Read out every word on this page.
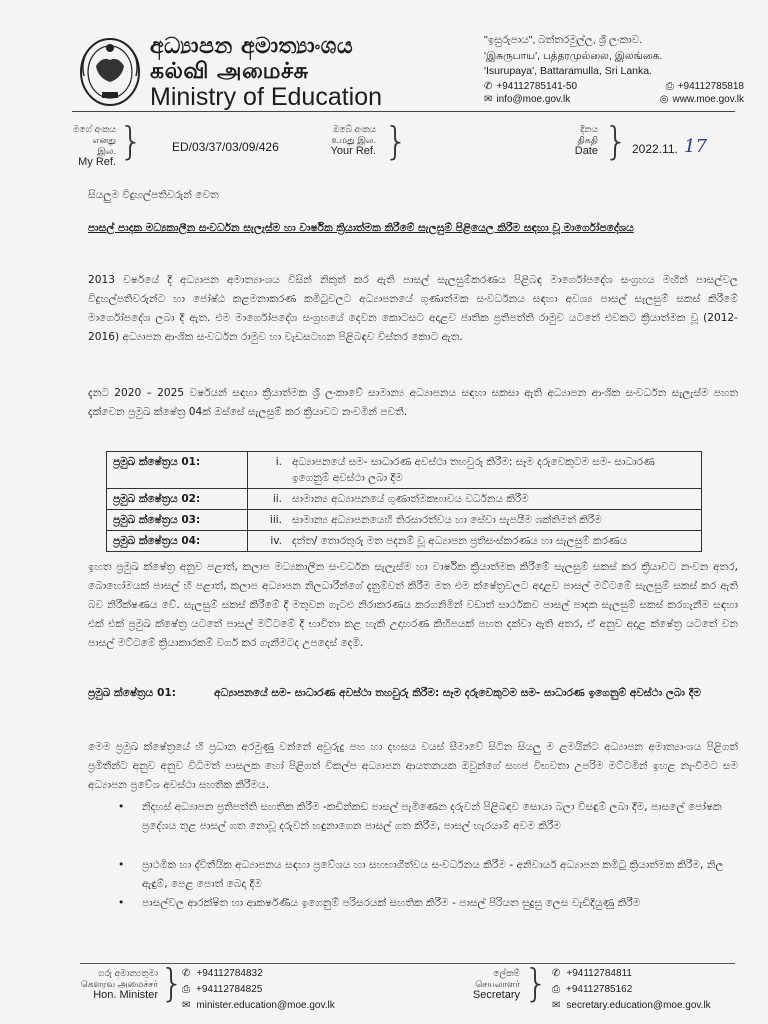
අධ්‍යාපන අමාත්‍යාංශය
கல்வி அமைச்சு
Ministry of Education
"ඉසුරුපාය", බත්තරමුල්ල, ශ්‍රී ලංකාව.
'இசுருபாய', பத்தரமுல்லை, இலங்கை.
'Isurupaya', Battaramulla, Sri Lanka.
✆ +94112785141-50	⎙ +94112785818
✉ info@moe.gov.lk	◎ www.moe.gov.lk
මගේ අංකය
எனது இல.
My Ref. } ED/03/37/03/09/426
ඔබේ අංකය
உமது இல.
Your Ref. }	දිනය
திகதி
Date } 2022.11. 17
සියලුම විදුහල්පතිවරුන් වෙත
පාසල් පාදක මධ්‍යකාලීන සංවර්ධන සැලැස්ම හා වාර්ෂික ක්‍රියාත්මක කිරීමේ සැලසුම් පිළියෙල කිරීම සඳහා වූ මාර්ගෝපදේශය
2013 වර්ෂයේ දී අධ්‍යාපන අමාත්‍යාංශය විසින් නිකුත් කර ඇති පාසල් සැලසුම්කරණය පිළිබඳ මාර්ගෝපදේශ සංග්‍රහය මඟින් පාසල්වල විදුහල්පතිවරුන්ට හා ජෝෂ්ඨ කළමනාකරණ කමිටුවලට අධ්‍යාපනයේ ගුණාත්මක සංවර්ධනය සඳහා අවශ්‍ය පාසල් සැලසුම් සකස් කිරීමේ මාර්ගෝපදේශ ලබා දී ඇත. එම මාර්ගෝපදේශ සංග්‍රහයේ දෙවන කොටසට අදාළව ජාතික ප්‍රතිපත්ති රාමුව යටතේ එවකට ක්‍රියාත්මක වූ (2012-2016) අධ්‍යාපන ආංශික සංවර්ධන රාමුව හා වැඩසටහන පිළිබඳව විස්තර කොට ඇත.
දැනට 2020 – 2025 වර්ෂයන් සඳහා ක්‍රියාත්මක ශ්‍රී ලංකාවේ සාමාන්‍ය අධ්‍යාපනය සඳහා සකසා ඇති අධ්‍යාපන ආංශික සංවර්ධන සැලැස්ම පහත දැක්වෙන ප්‍රමුඛ ක්ෂේත්‍ර 04ක් ඔස්සේ සැලසුම් කර ක්‍රියාවට නංවමින් පවතී.
ප්‍රමුඛ ක්ෂේත්‍රය 01:	i.	අධ්‍යාපනයේ සම- සාධාරණ අවස්ථා තහවුරු කිරීම: සෑම දරුවෙකුටම සම- සාධාරණ ඉගෙනුම් අවස්ථා ලබා දීම
ප්‍රමුඛ ක්ෂේත්‍රය 02:	ii.	සාමාන්‍ය අධ්‍යාපනයේ ගුණාත්මකභාවය වර්ධනය කිරීම
ප්‍රමුඛ ක්ෂේත්‍රය 03:	iii.	සාමාන්‍ය අධ්‍යාපනයෙහි තිරසාරත්වය හා සේවා සැපයීම ශක්තිමත් කිරීම
ප්‍රමුඛ ක්ෂේත්‍රය 04:	iv.	දත්ත/ තොරතුරු මත පදනම් වූ අධ්‍යාපන ප්‍රතිසංස්කරණය හා සැලසුම් කරණය
ඉහත ප්‍රමුඛ ක්ෂේත්‍ර අනුව පළාත්, කලාප මධ්‍යකාලීන සංවර්ධන සැලැස්ම හා වාර්ෂික ක්‍රියාත්මක කිරීමේ සැලසුම් සකස් කර ක්‍රියාවට නංවන අතර, බොහෝමයක් පාසල් හි පළාත්, කලාප අධ්‍යාපන නිලධාරීන්ගේ දැනුම්වත් කිරීම මත එම ක්ෂේත්‍රවලට අදාළව පාසල් මට්ටමේ සැලසුම් සකස් කර ඇති බව නිරීක්ෂණය වේ. සැලසුම් සකස් කිරීමේ දී මතුවන ගැටළු නිරාකරණය කරගනිමින් වඩාත් සාර්ථකව පාසල් පාදක සැලසුම් සකස් කරගැනීම සඳහා එක් එක් ප්‍රමුඛ ක්ෂේත්‍ර යටතේ පාසල් මට්ටමේ දී භාවිතා කළ හැකි උදාහරණ කිහිපයක් පහත දක්වා ඇති අතර, ඒ අනුව අදාළ ක්ෂේත්‍ර යටතේ වන පාසල් මට්ටමේ ක්‍රියාකාරකම් වර්ග කර ගැනීමටද උපදෙස් දෙමි.
ප්‍රමුඛ ක්ෂේත්‍රය 01:	අධ්‍යාපනයේ සම- සාධාරණ අවස්ථා තහවුරු කිරීම: සෑම දරුවෙකුටම සම- සාධාරණ ඉගෙනුම් අවස්ථා ලබා දීම
මෙම ප්‍රමුඛ ක්ෂේත්‍රයේ හි ප්‍රධාන අරමුණු වන්නේ අවුරුදු පහ හා දහසය වයස් සීමාවේ සිටින සියලු ම ළමයින්ට අධ්‍යාපන අමාත්‍යාංශය පිළිගත් ප්‍රමිතීන්ට අනුව අනුව විධිමත් පාසලක හෝ පිළිගත් විකල්ප අධ්‍යාපන ආයතනයක ඔවුන්ගේ සහජ විභවතා උපරිම මට්ටමින් ඉහළ නැංවීමට සම අධ්‍යාපන ප්‍රවේශ අවස්ථා සහතික කිරීමය.
• නිදහස් අධ්‍යාපන ප්‍රතිපත්ති සහතික කිරීම -කඩින්කඩ පාසල් පැමිණෙන දරුවන් පිළිබඳව සොයා බලා විසඳුම් ලබා දීම, පාසලේ පෝෂක ප්‍රදේශය තුළ පාසල් ගත නොවූ දරුවන් හඳුනාගෙන පාසල් ගත කිරීම, පාසල් හැරයාම් අවම කිරීම
• ප්‍රාථමික හා ද්විතීයික අධ්‍යාපනය සඳහා ප්‍රවේශය හා සහභාගීත්වය සංවර්ධනය කිරීම - අනිවාර්ය අධ්‍යාපන කමිටු ක්‍රියාත්මක කිරීම, නිල ඇඳුම්, පෙළ පොත් බෙදා දීම
• පාසල්වල ආරක්ෂිත හා ආකර්ෂණීය ඉගෙනුම් පරිසරයක් සහතික කිරීම - පාසල් පිරියත සුදුසු ලෙස වැඩිදියුණු කිරීම
ගරු අමාත්‍යතුමා
கௌரவ அமைச்சர்
Hon. Minister }
✆ +94112784832
⎙ +94112784825
✉ minister.education@moe.gov.lk
ලේකම්
செயலாளர்
Secretary } ✆ +94112784811
⎙ +94112785162
✉ secretary.education@moe.gov.lk
